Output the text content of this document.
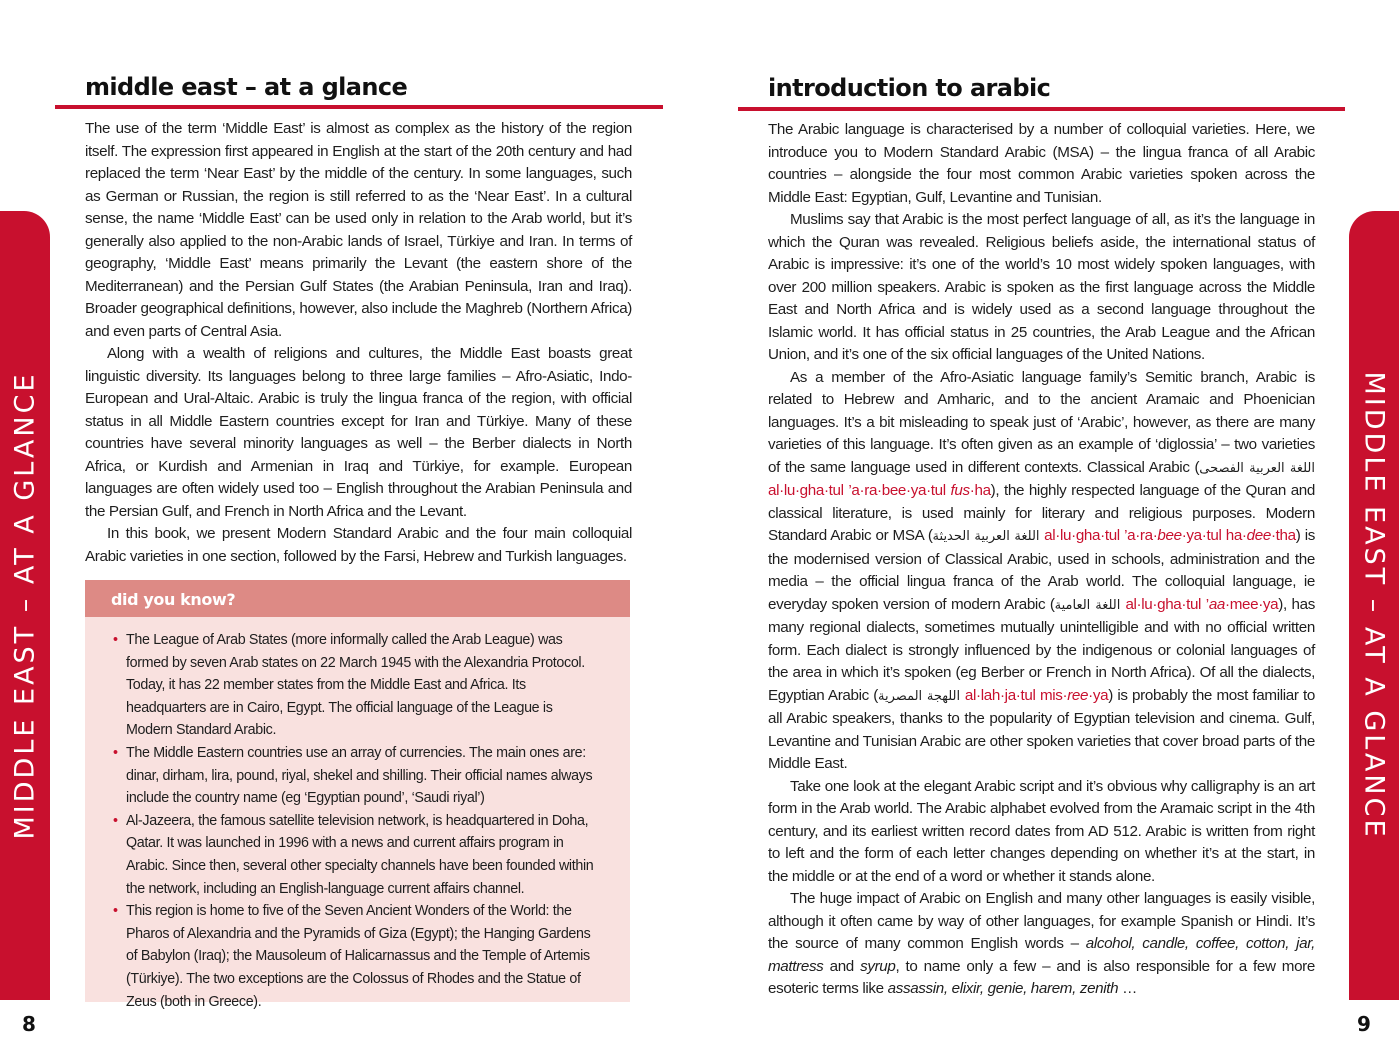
middle east – at a glance

The use of the term ‘Middle East’ is almost as complex as the history of the region itself. The expression first appeared in English at the start of the 20th century and had replaced the term ‘Near East’ by the middle of the century. In some languages, such as German or Russian, the region is still referred to as the ‘Near East’. In a cultural sense, the name ‘Middle East’ can be used only in relation to the Arab world, but it’s generally also applied to the non-Arabic lands of Israel, Türkiye and Iran. In terms of geography, ‘Middle East’ means primarily the Levant (the eastern shore of the Mediterranean) and the Persian Gulf States (the Arabian Peninsula, Iran and Iraq). Broader geographical definitions, however, also include the Maghreb (Northern Africa) and even parts of Central Asia.

Along with a wealth of religions and cultures, the Middle East boasts great linguistic diversity. Its languages belong to three large families – Afro-Asiatic, Indo-European and Ural-Altaic. Arabic is truly the lingua franca of the region, with official status in all Middle Eastern countries except for Iran and Türkiye. Many of these countries have several minority languages as well – the Berber dialects in North Africa, or Kurdish and Armenian in Iraq and Türkiye, for example. European languages are often widely used too – English throughout the Arabian Peninsula and the Persian Gulf, and French in North Africa and the Levant.

In this book, we present Modern Standard Arabic and the four main colloquial Arabic varieties in one section, followed by the Farsi, Hebrew and Turkish languages.

did you know?
• The League of Arab States (more informally called the Arab League) was formed by seven Arab states on 22 March 1945 with the Alexandria Protocol. Today, it has 22 member states from the Middle East and Africa. Its headquarters are in Cairo, Egypt. The official language of the League is Modern Standard Arabic.
• The Middle Eastern countries use an array of currencies. The main ones are: dinar, dirham, lira, pound, riyal, shekel and shilling. Their official names always include the country name (eg ‘Egyptian pound’, ‘Saudi riyal’)
• Al-Jazeera, the famous satellite television network, is headquartered in Doha, Qatar. It was launched in 1996 with a news and current affairs program in Arabic. Since then, several other specialty channels have been founded within the network, including an English-language current affairs channel.
• This region is home to five of the Seven Ancient Wonders of the World: the Pharos of Alexandria and the Pyramids of Giza (Egypt); the Hanging Gardens of Babylon (Iraq); the Mausoleum of Halicarnassus and the Temple of Artemis (Türkiye). The two exceptions are the Colossus of Rhodes and the Statue of Zeus (both in Greece).
MIDDLE EAST – AT A GLANCE
8
introduction to arabic

The Arabic language is characterised by a number of colloquial varieties. Here, we introduce you to Modern Standard Arabic (MSA) – the lingua franca of all Arabic countries – alongside the four most common Arabic varieties spoken across the Middle East: Egyptian, Gulf, Levantine and Tunisian.

Muslims say that Arabic is the most perfect language of all, as it’s the language in which the Quran was revealed. Religious beliefs aside, the international status of Arabic is impressive: it’s one of the world’s 10 most widely spoken languages, with over 200 million speakers. Arabic is spoken as the first language across the Middle East and North Africa and is widely used as a second language throughout the Islamic world. It has official status in 25 countries, the Arab League and the African Union, and it’s one of the six official languages of the United Nations.

As a member of the Afro-Asiatic language family’s Semitic branch, Arabic is related to Hebrew and Amharic, and to the ancient Aramaic and Phoenician languages. It’s a bit misleading to speak just of ‘Arabic’, however, as there are many varieties of this language. It’s often given as an example of ‘diglossia’ – two varieties of the same language used in different contexts. Classical Arabic (اللغة العربية الفصحى al·lu·gha·tul ’a·ra·bee·ya·tul fus·ha), the highly respected language of the Quran and classical literature, is used mainly for literary and religious purposes. Modern Standard Arabic or MSA (اللغة العربية الحديثة al·lu·gha·tul ’a·ra·bee·ya·tul ha·dee·tha) is the modernised version of Classical Arabic, used in schools, administration and the media – the official lingua franca of the Arab world. The colloquial language, ie everyday spoken version of modern Arabic (اللغة العامية al·lu·gha·tul ’aa·mee·ya), has many regional dialects, sometimes mutually unintelligible and with no official written form. Each dialect is strongly influenced by the indigenous or colonial languages of the area in which it’s spoken (eg Berber or French in North Africa). Of all the dialects, Egyptian Arabic (اللهجة المصرية al·lah·ja·tul mis·ree·ya) is probably the most familiar to all Arabic speakers, thanks to the popularity of Egyptian television and cinema. Gulf, Levantine and Tunisian Arabic are other spoken varieties that cover broad parts of the Middle East.

Take one look at the elegant Arabic script and it’s obvious why calligraphy is an art form in the Arab world. The Arabic alphabet evolved from the Aramaic script in the 4th century, and its earliest written record dates from AD 512. Arabic is written from right to left and the form of each letter changes depending on whether it’s at the start, in the middle or at the end of a word or whether it stands alone.

The huge impact of Arabic on English and many other languages is easily visible, although it often came by way of other languages, for example Spanish or Hindi. It’s the source of many common English words – alcohol, candle, coffee, cotton, jar, mattress and syrup, to name only a few – and is also responsible for a few more esoteric terms like assassin, elixir, genie, harem, zenith …

MIDDLE EAST – AT A GLANCE
9
